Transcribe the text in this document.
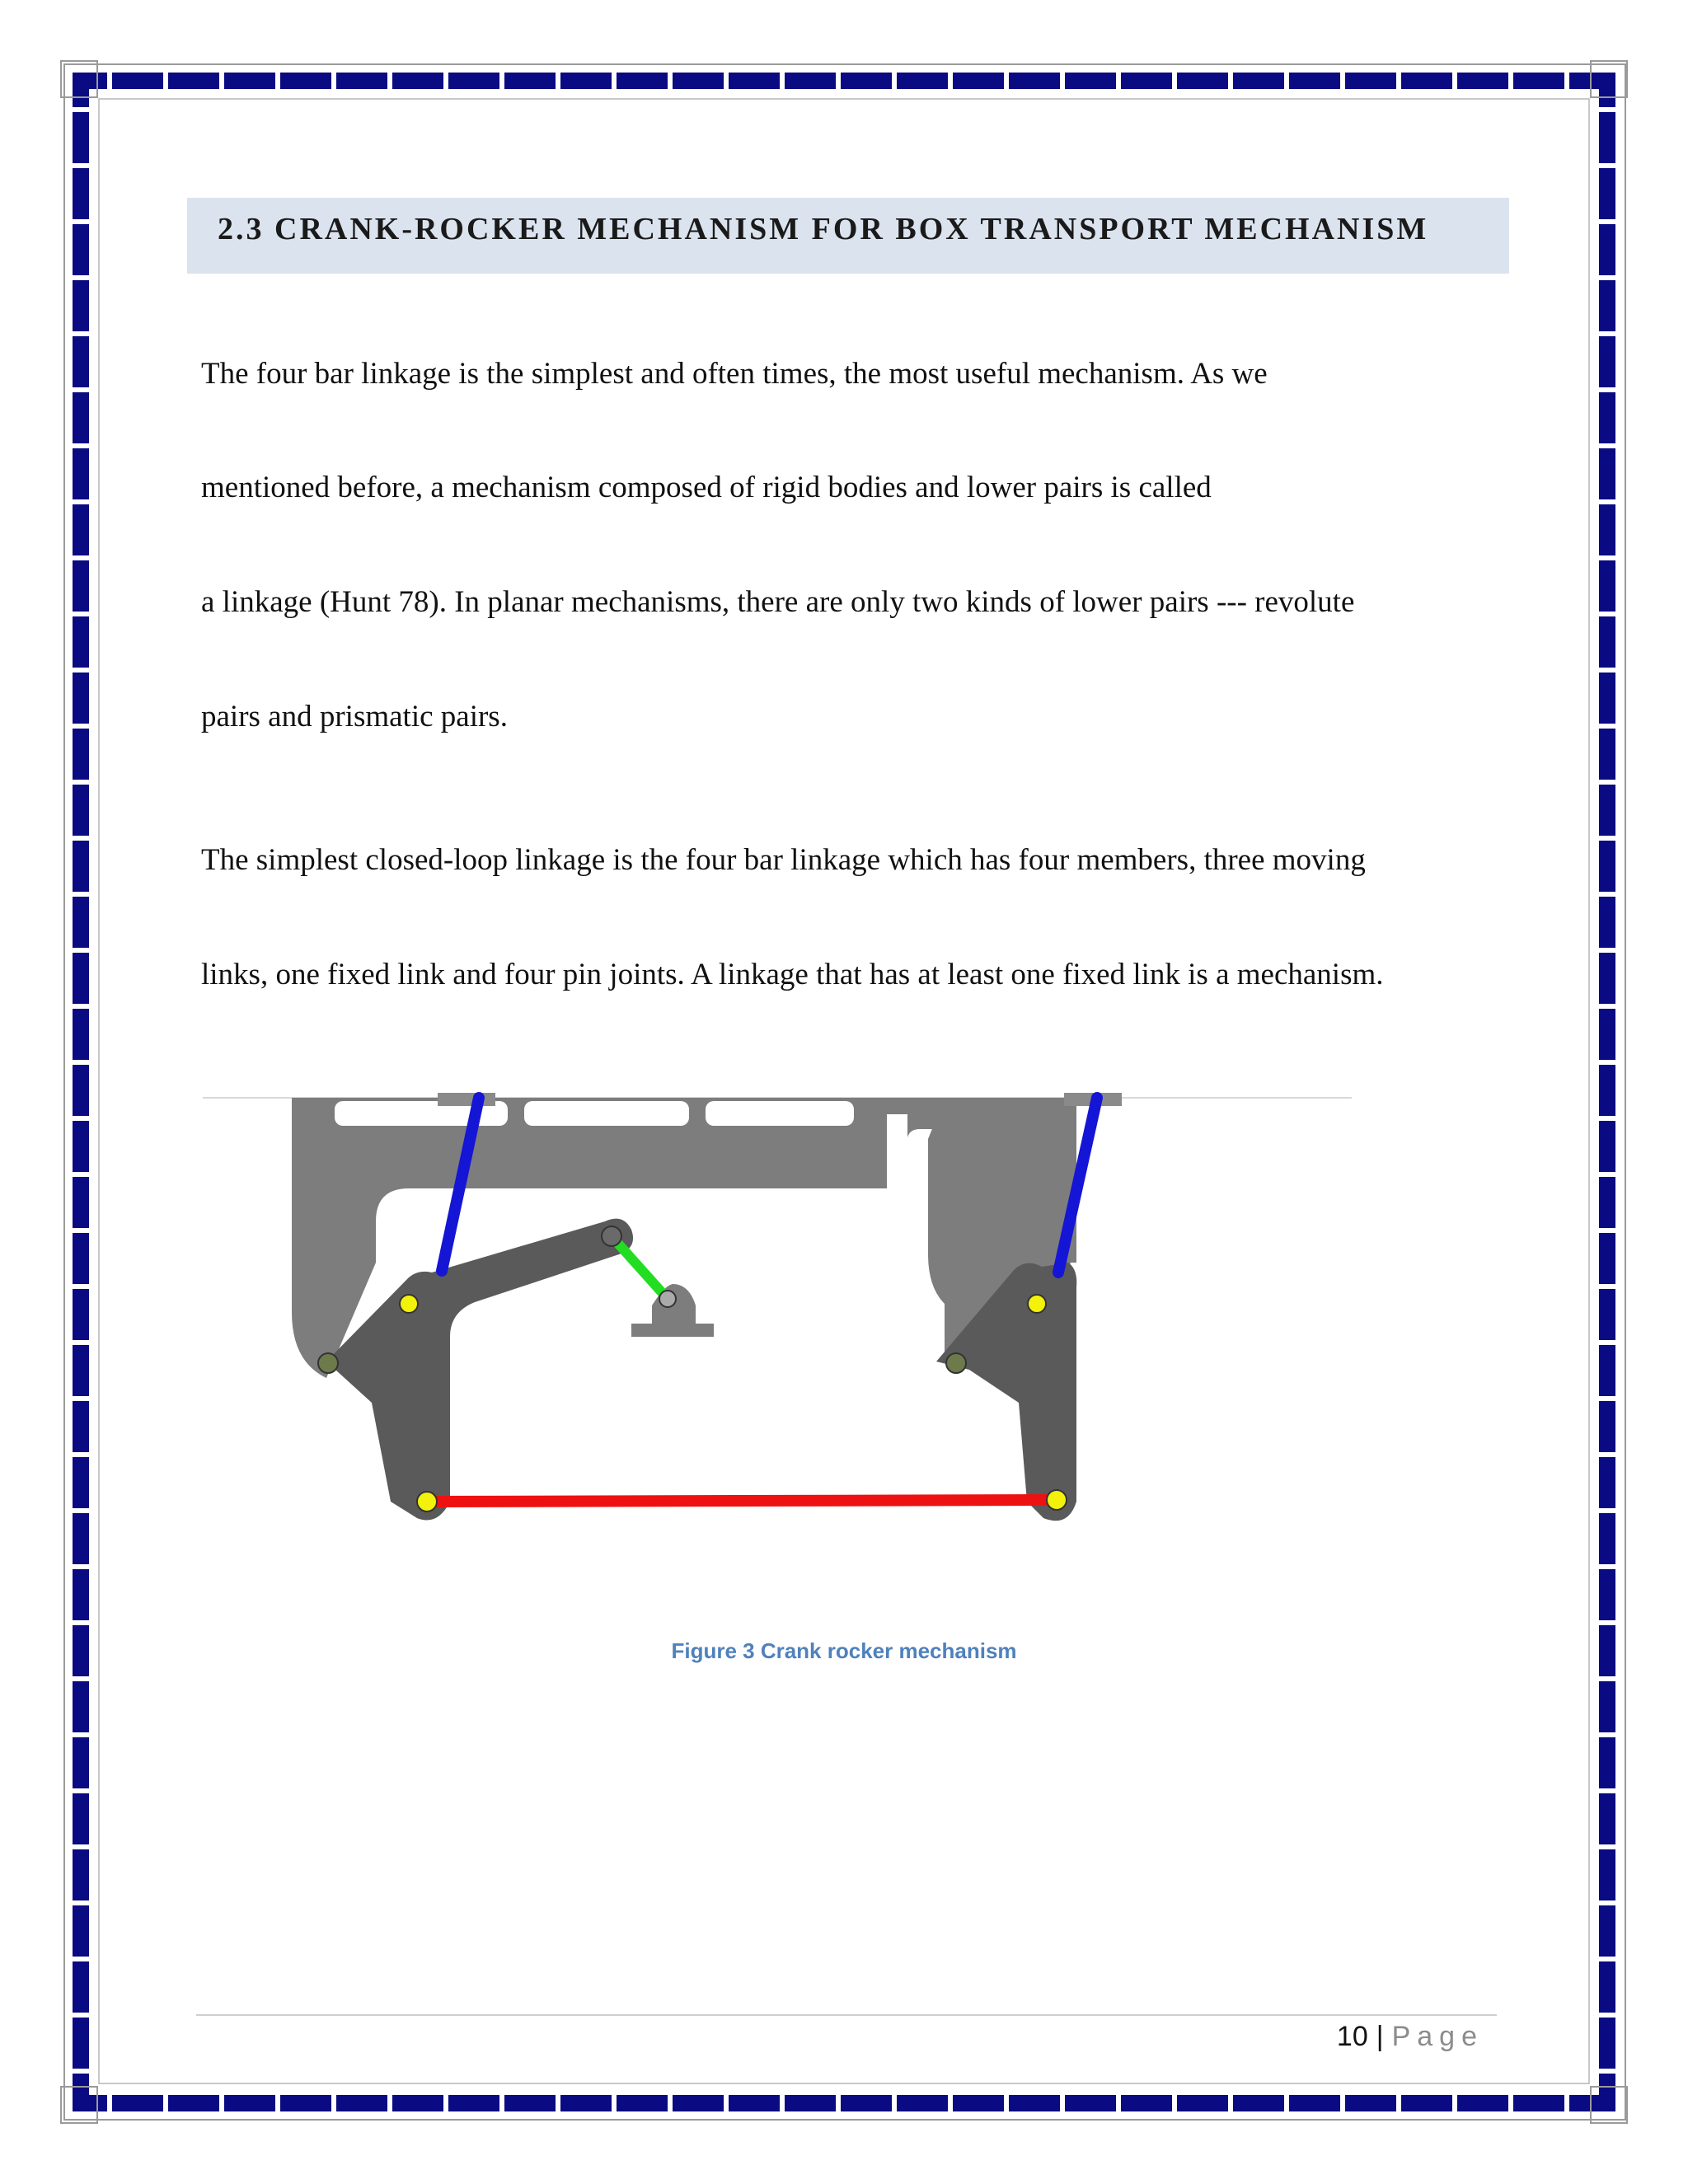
2.3 CRANK-ROCKER MECHANISM FOR BOX TRANSPORT MECHANISM
The four bar linkage is the simplest and often times, the most useful mechanism. As we
mentioned before, a mechanism composed of rigid bodies and lower pairs is called
a linkage (Hunt 78). In planar mechanisms, there are only two kinds of lower pairs --- revolute
pairs and prismatic pairs.
The simplest closed-loop linkage is the four bar linkage which has four members, three moving
links, one fixed link and four pin joints. A linkage that has at least one fixed link is a mechanism.
Figure 3 Crank rocker mechanism
10 | Page
